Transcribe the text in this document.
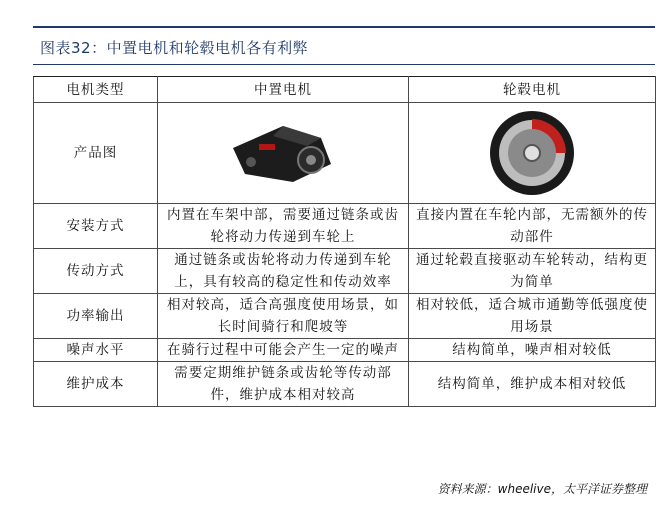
图表32：中置电机和轮毂电机各有利弊
电机类型	中置电机	轮毂电机
产品图	

安装方式	内置在车架中部，需要通过链条或齿轮将动力传递到车轮上	直接内置在车轮内部，无需额外的传动部件
传动方式	通过链条或齿轮将动力传递到车轮上，具有较高的稳定性和传动效率	通过轮毂直接驱动车轮转动，结构更为简单
功率输出	相对较高，适合高强度使用场景，如长时间骑行和爬坡等	相对较低，适合城市通勤等低强度使用场景
噪声水平	在骑行过程中可能会产生一定的噪声	结构简单，噪声相对较低
维护成本	需要定期维护链条或齿轮等传动部件，维护成本相对较高	结构简单，维护成本相对较低
资料来源：wheelive，太平洋证券整理
